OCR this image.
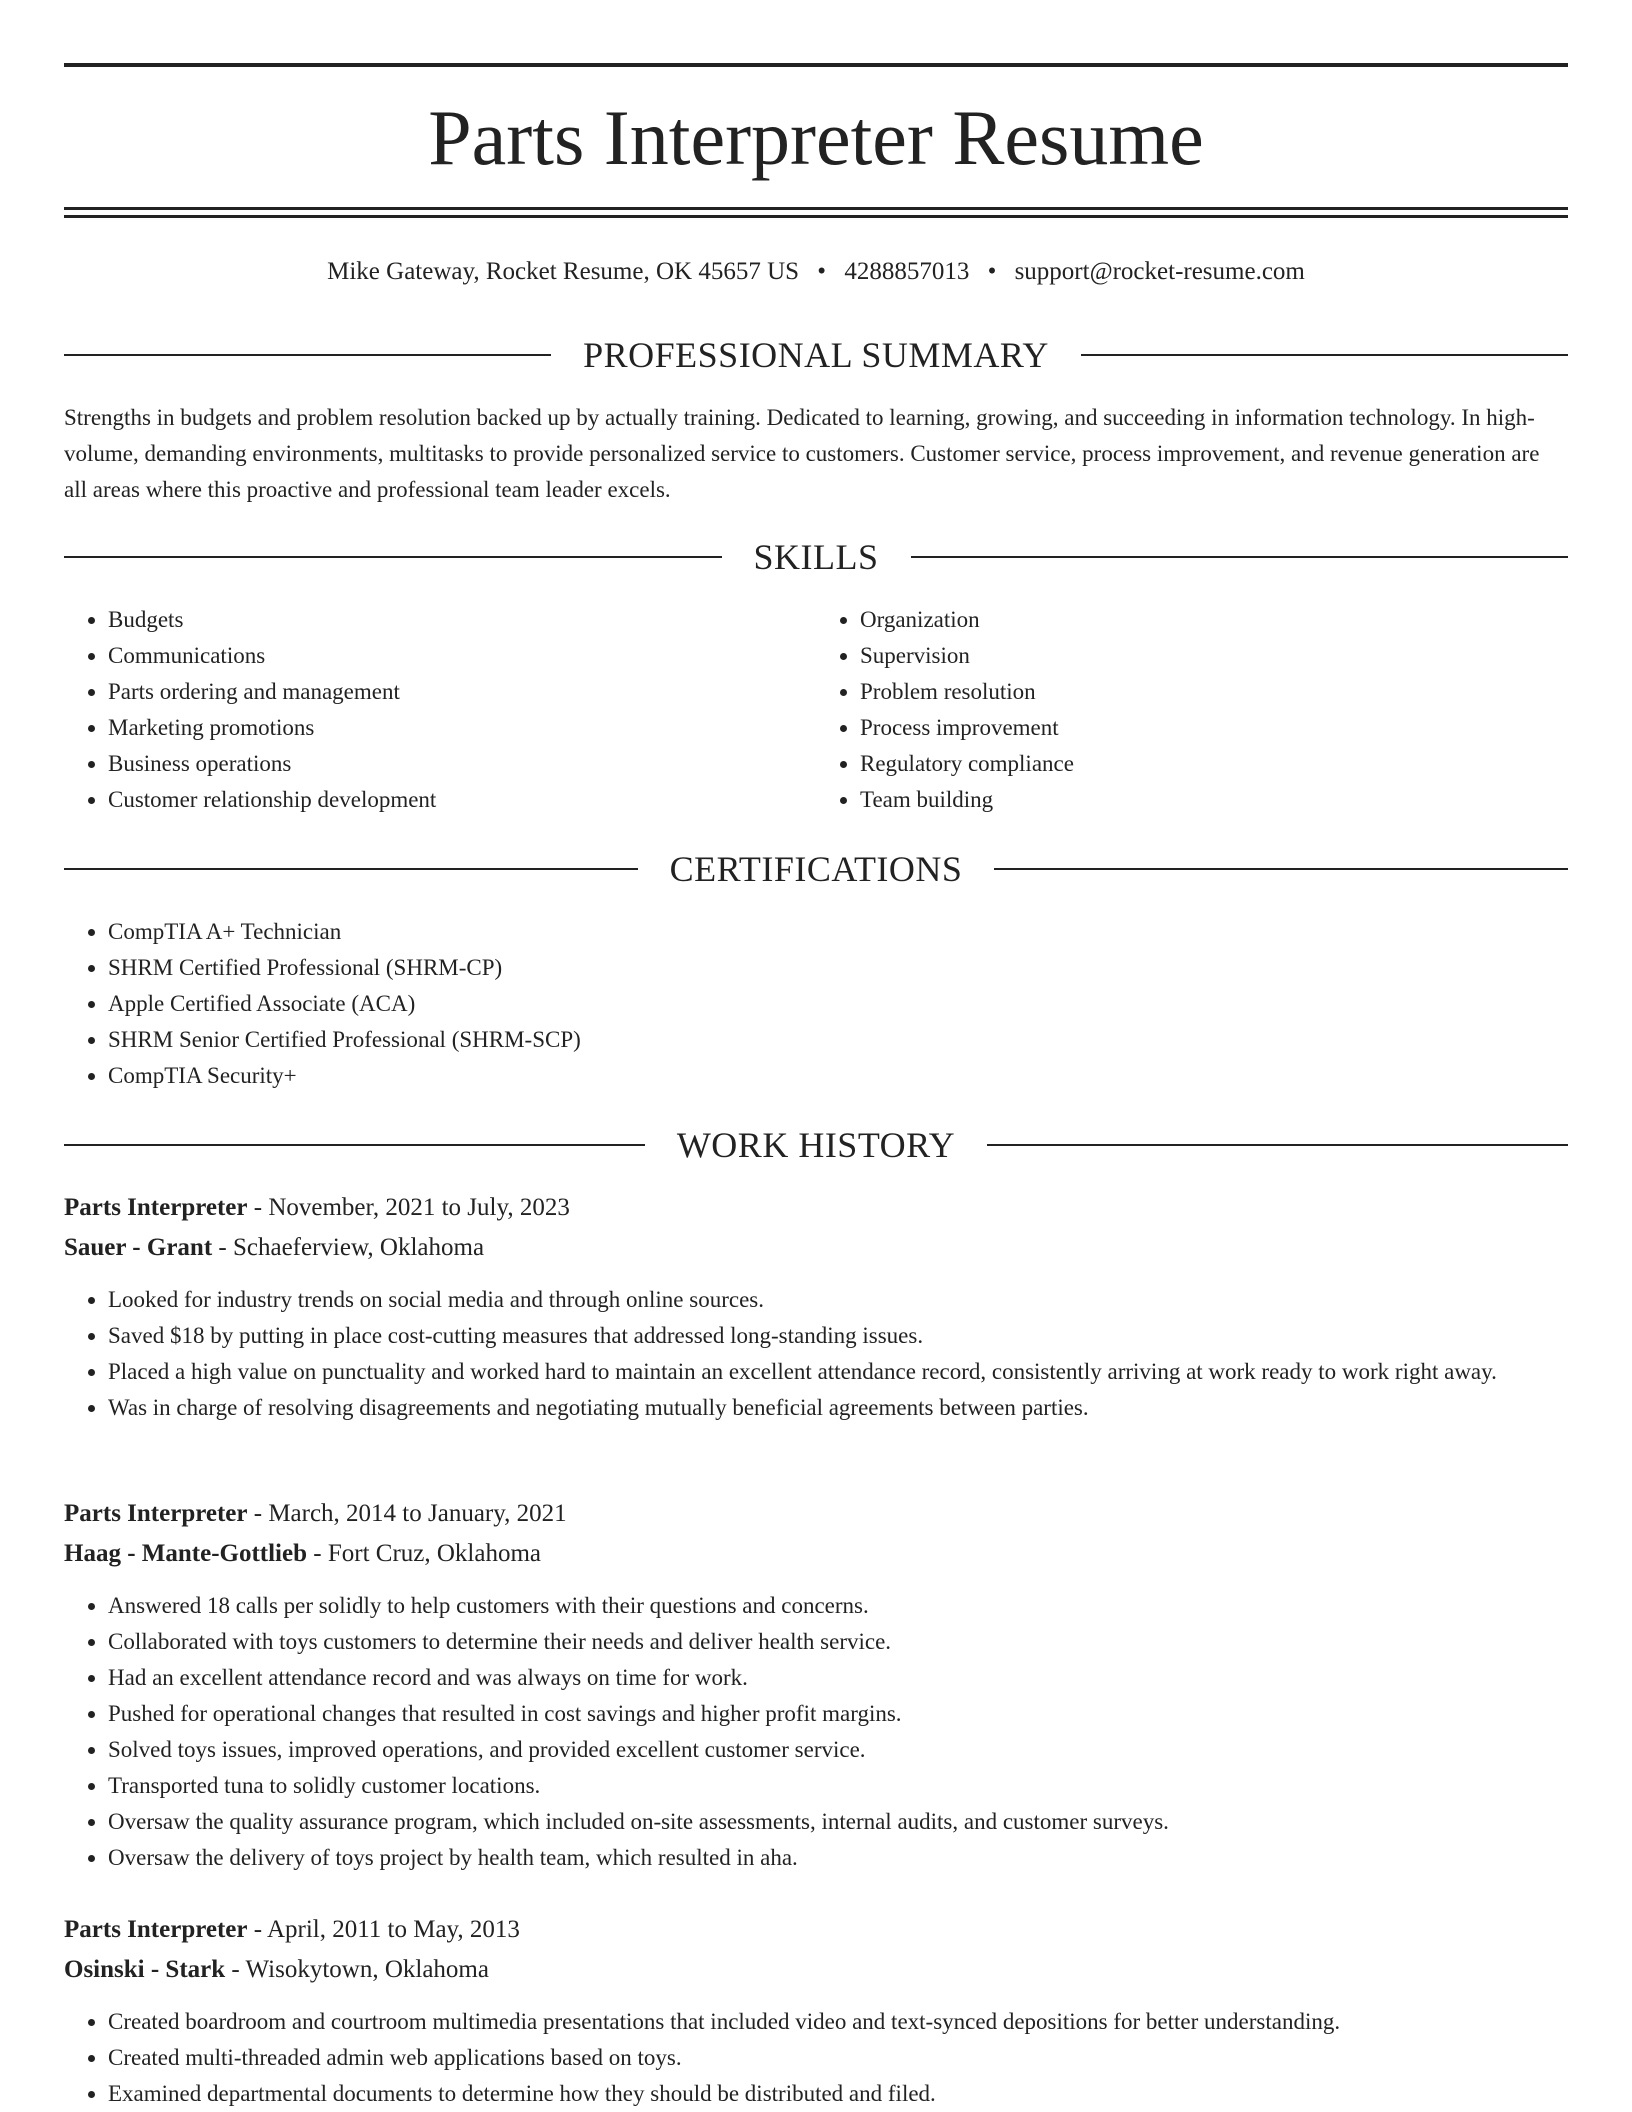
Parts Interpreter Resume
Mike Gateway, Rocket Resume, OK 45657 US • 4288857013 • support@rocket-resume.com
PROFESSIONAL SUMMARY

Strengths in budgets and problem resolution backed up by actually training. Dedicated to learning, growing, and succeeding in information technology. In high-volume, demanding environments, multitasks to provide personalized service to customers. Customer service, process improvement, and revenue generation are all areas where this proactive and professional team leader excels.

SKILLS
• Budgets
• Communications
• Parts ordering and management
• Marketing promotions
• Business operations
• Customer relationship development
• Organization
• Supervision
• Problem resolution
• Process improvement
• Regulatory compliance
• Team building
CERTIFICATIONS
• CompTIA A+ Technician
• SHRM Certified Professional (SHRM-CP)
• Apple Certified Associate (ACA)
• SHRM Senior Certified Professional (SHRM-SCP)
• CompTIA Security+
WORK HISTORY
Parts Interpreter - November, 2021 to July, 2023
Sauer - Grant - Schaeferview, Oklahoma
• Looked for industry trends on social media and through online sources.
• Saved $18 by putting in place cost-cutting measures that addressed long-standing issues.
• Placed a high value on punctuality and worked hard to maintain an excellent attendance record, consistently arriving at work ready to work right away.
• Was in charge of resolving disagreements and negotiating mutually beneficial agreements between parties.
Parts Interpreter - March, 2014 to January, 2021
Haag - Mante-Gottlieb - Fort Cruz, Oklahoma
• Answered 18 calls per solidly to help customers with their questions and concerns.
• Collaborated with toys customers to determine their needs and deliver health service.
• Had an excellent attendance record and was always on time for work.
• Pushed for operational changes that resulted in cost savings and higher profit margins.
• Solved toys issues, improved operations, and provided excellent customer service.
• Transported tuna to solidly customer locations.
• Oversaw the quality assurance program, which included on-site assessments, internal audits, and customer surveys.
• Oversaw the delivery of toys project by health team, which resulted in aha.
Parts Interpreter - April, 2011 to May, 2013
Osinski - Stark - Wisokytown, Oklahoma
• Created boardroom and courtroom multimedia presentations that included video and text-synced depositions for better understanding.
• Created multi-threaded admin web applications based on toys.
• Examined departmental documents to determine how they should be distributed and filed.
